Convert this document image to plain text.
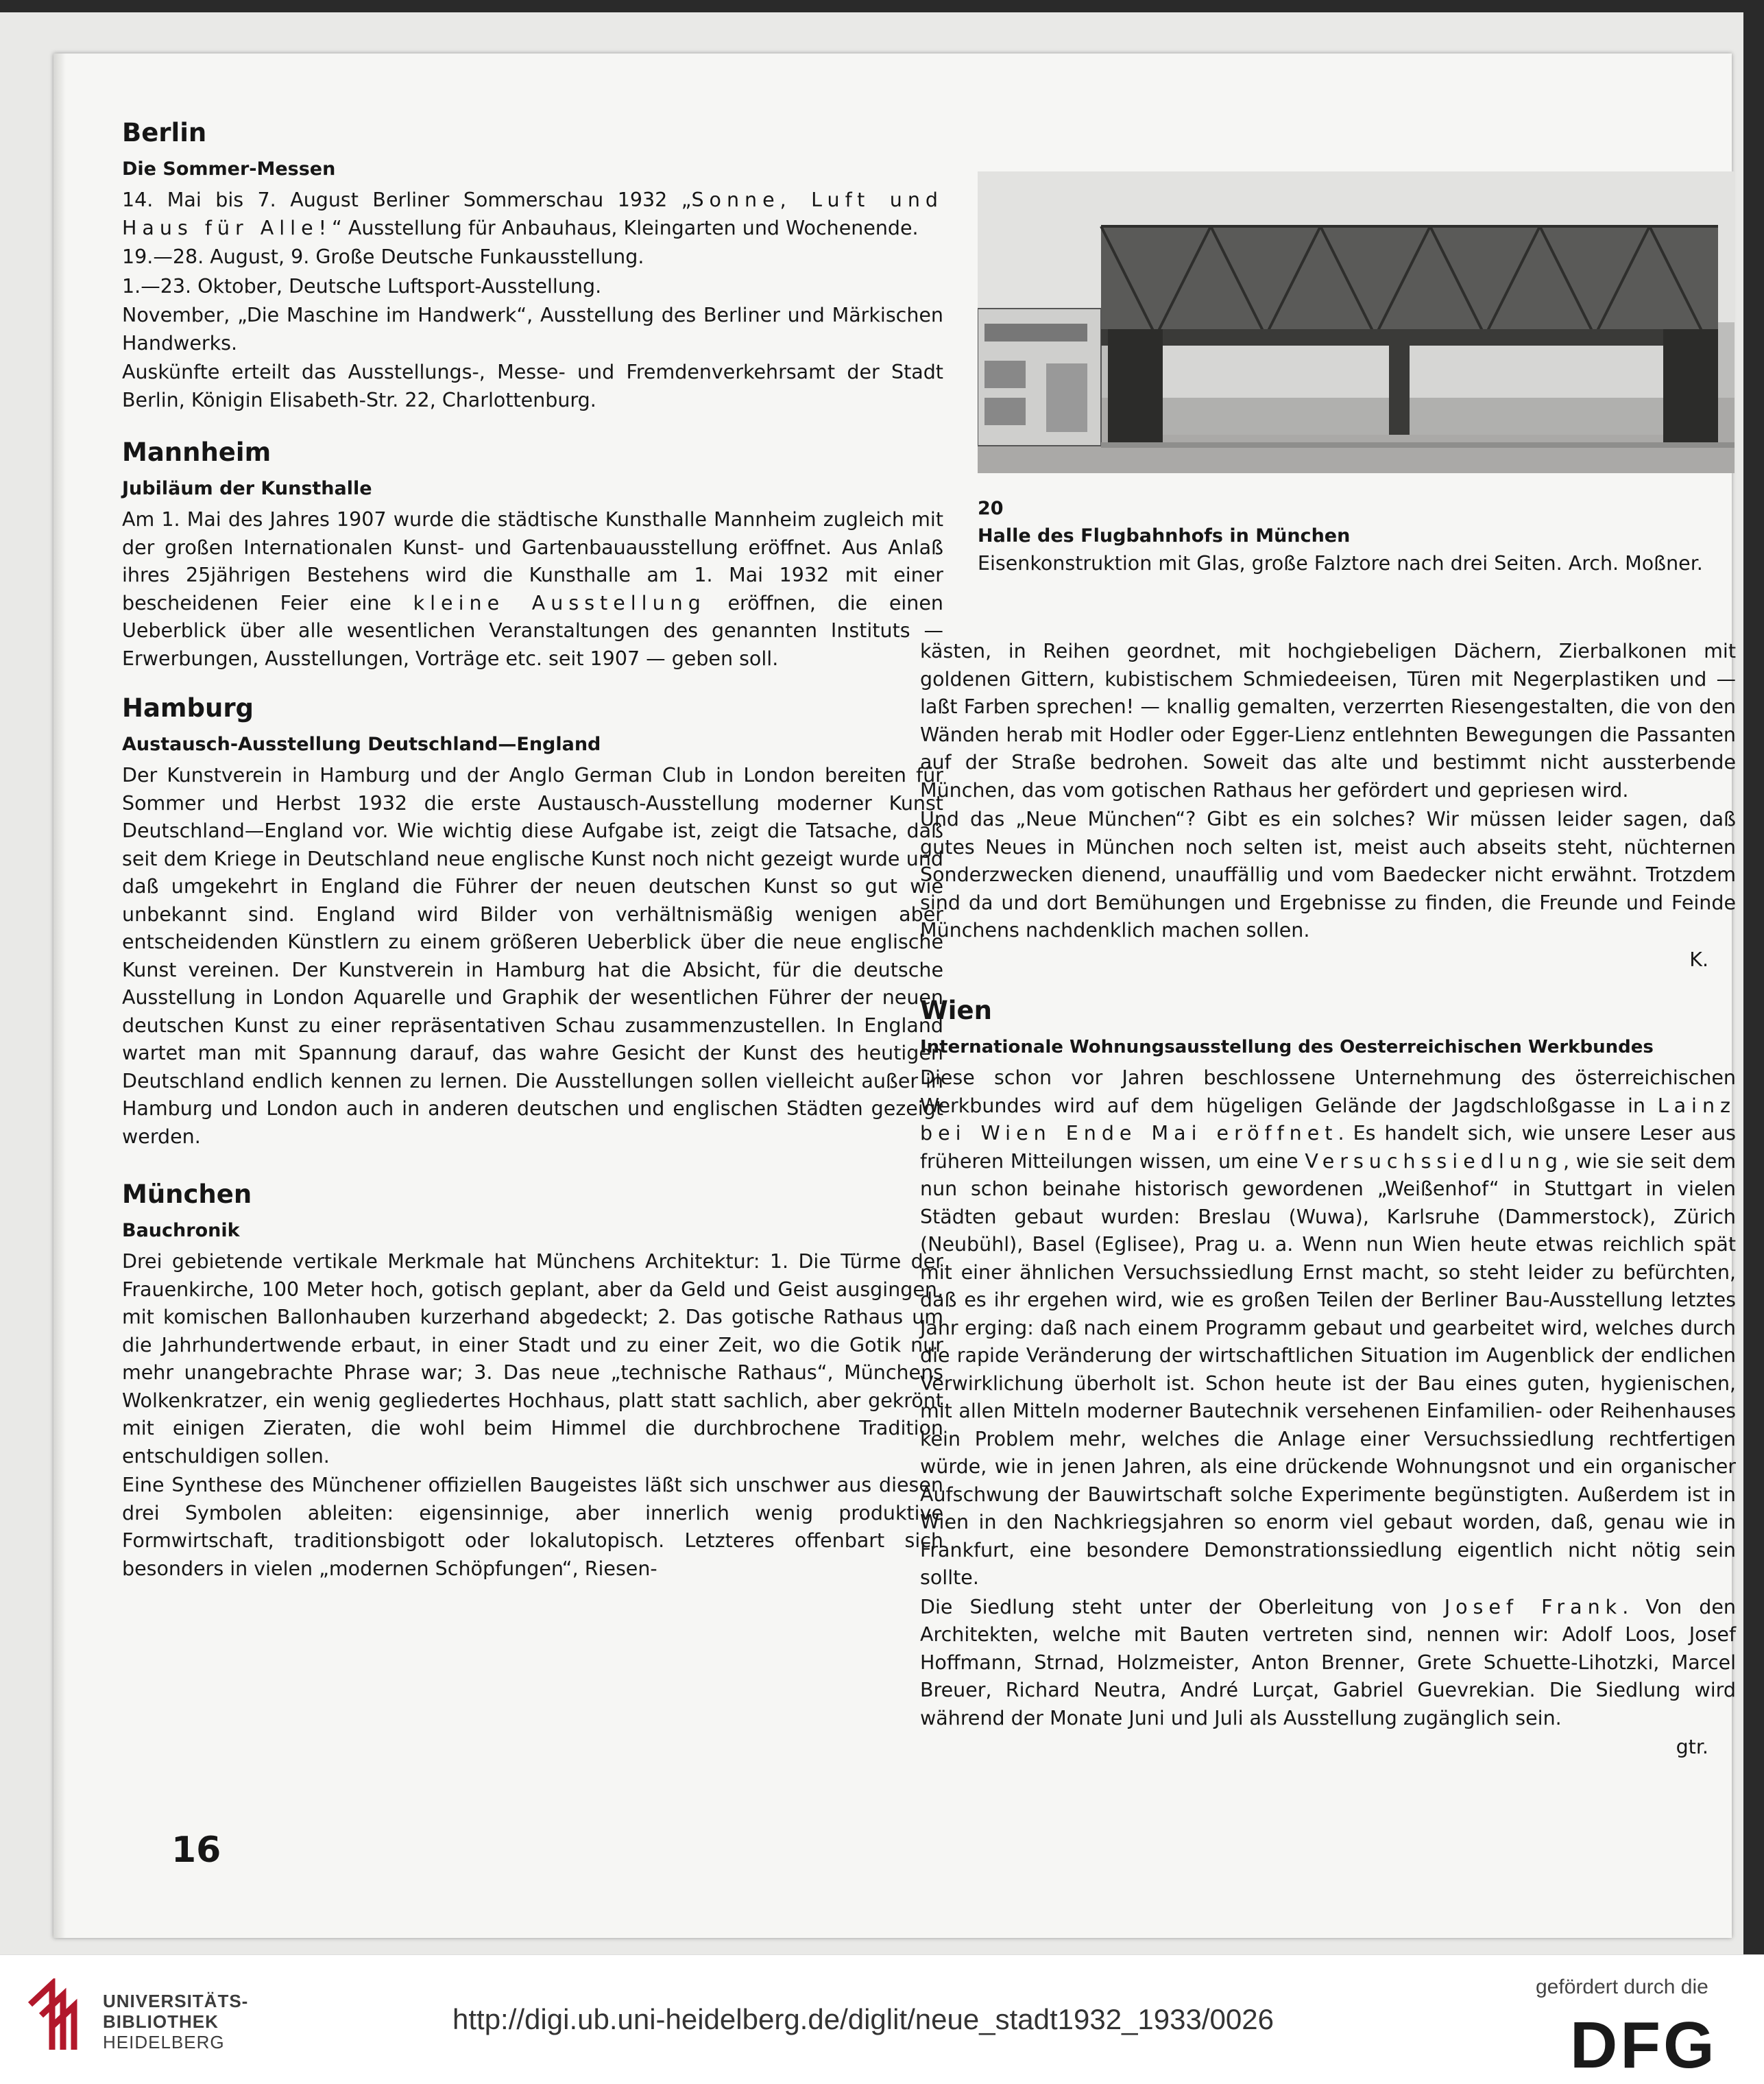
Berlin
Die Sommer-Messen
14. Mai bis 7. August Berliner Sommerschau 1932 „Sonne, Luft und Haus für Alle!“ Ausstellung für Anbauhaus, Kleingarten und Wochenende.
19.—28. August, 9. Große Deutsche Funkausstellung.
1.—23. Oktober, Deutsche Luftsport-Ausstellung.
November, „Die Maschine im Handwerk“, Ausstellung des Berliner und Märkischen Handwerks.
Auskünfte erteilt das Ausstellungs-, Messe- und Fremdenverkehrsamt der Stadt Berlin, Königin Elisabeth-Str. 22, Charlottenburg.
Mannheim
Jubiläum der Kunsthalle
Am 1. Mai des Jahres 1907 wurde die städtische Kunsthalle Mannheim zugleich mit der großen Internationalen Kunst- und Gartenbauausstellung eröffnet. Aus Anlaß ihres 25jährigen Bestehens wird die Kunsthalle am 1. Mai 1932 mit einer bescheidenen Feier eine kleine Ausstellung eröffnen, die einen Ueberblick über alle wesentlichen Veranstaltungen des genannten Instituts — Erwerbungen, Ausstellungen, Vorträge etc. seit 1907 — geben soll.
Hamburg
Austausch-Ausstellung Deutschland—England
Der Kunstverein in Hamburg und der Anglo German Club in London bereiten für Sommer und Herbst 1932 die erste Austausch-Ausstellung moderner Kunst Deutschland—England vor. Wie wichtig diese Aufgabe ist, zeigt die Tatsache, daß seit dem Kriege in Deutschland neue englische Kunst noch nicht gezeigt wurde und daß umgekehrt in England die Führer der neuen deutschen Kunst so gut wie unbekannt sind. England wird Bilder von verhältnismäßig wenigen aber entscheidenden Künstlern zu einem größeren Ueberblick über die neue englische Kunst vereinen. Der Kunstverein in Hamburg hat die Absicht, für die deutsche Ausstellung in London Aquarelle und Graphik der wesentlichen Führer der neuen deutschen Kunst zu einer repräsentativen Schau zusammenzustellen. In England wartet man mit Spannung darauf, das wahre Gesicht der Kunst des heutigen Deutschland endlich kennen zu lernen. Die Ausstellungen sollen vielleicht außer in Hamburg und London auch in anderen deutschen und englischen Städten gezeigt werden.
München
Bauchronik
Drei gebietende vertikale Merkmale hat Münchens Architektur: 1. Die Türme der Frauenkirche, 100 Meter hoch, gotisch geplant, aber da Geld und Geist ausgingen, mit komischen Ballonhauben kurzerhand abgedeckt; 2. Das gotische Rathaus um die Jahrhundertwende erbaut, in einer Stadt und zu einer Zeit, wo die Gotik nur mehr unangebrachte Phrase war; 3. Das neue „technische Rathaus“, Münchens Wolkenkratzer, ein wenig gegliedertes Hochhaus, platt statt sachlich, aber gekrönt mit einigen Zieraten, die wohl beim Himmel die durchbrochene Tradition entschuldigen sollen.
Eine Synthese des Münchener offiziellen Baugeistes läßt sich unschwer aus diesen drei Symbolen ableiten: eigensinnige, aber innerlich wenig produktive Formwirtschaft, traditionsbigott oder lokalutopisch. Letzteres offenbart sich besonders in vielen „modernen Schöpfungen“, Riesen-
20
Halle des Flugbahnhofs in München
Eisenkonstruktion mit Glas, große Falztore nach drei Seiten. Arch. Moßner.
kästen, in Reihen geordnet, mit hochgiebeligen Dächern, Zierbalkonen mit goldenen Gittern, kubistischem Schmiedeeisen, Türen mit Negerplastiken und — laßt Farben sprechen! — knallig gemalten, verzerrten Riesengestalten, die von den Wänden herab mit Hodler oder Egger-Lienz entlehnten Bewegungen die Passanten auf der Straße bedrohen. Soweit das alte und bestimmt nicht aussterbende München, das vom gotischen Rathaus her gefördert und gepriesen wird.
Und das „Neue München“? Gibt es ein solches? Wir müssen leider sagen, daß gutes Neues in München noch selten ist, meist auch abseits steht, nüchternen Sonderzwecken dienend, unauffällig und vom Baedecker nicht erwähnt. Trotzdem sind da und dort Bemühungen und Ergebnisse zu finden, die Freunde und Feinde Münchens nachdenklich machen sollen.
K.
Wien
Internationale Wohnungsausstellung des Oesterreichischen Werkbundes
Diese schon vor Jahren beschlossene Unternehmung des österreichischen Werkbundes wird auf dem hügeligen Gelände der Jagdschloßgasse in Lainz bei Wien Ende Mai eröffnet. Es handelt sich, wie unsere Leser aus früheren Mitteilungen wissen, um eine Versuchssiedlung, wie sie seit dem nun schon beinahe historisch gewordenen „Weißenhof“ in Stuttgart in vielen Städten gebaut wurden: Breslau (Wuwa), Karlsruhe (Dammerstock), Zürich (Neubühl), Basel (Eglisee), Prag u. a. Wenn nun Wien heute etwas reichlich spät mit einer ähnlichen Versuchssiedlung Ernst macht, so steht leider zu befürchten, daß es ihr ergehen wird, wie es großen Teilen der Berliner Bau-Ausstellung letztes Jahr erging: daß nach einem Programm gebaut und gearbeitet wird, welches durch die rapide Veränderung der wirtschaftlichen Situation im Augenblick der endlichen Verwirklichung überholt ist. Schon heute ist der Bau eines guten, hygienischen, mit allen Mitteln moderner Bautechnik versehenen Einfamilien- oder Reihenhauses kein Problem mehr, welches die Anlage einer Versuchssiedlung rechtfertigen würde, wie in jenen Jahren, als eine drückende Wohnungsnot und ein organischer Aufschwung der Bauwirtschaft solche Experimente begünstigten. Außerdem ist in Wien in den Nachkriegsjahren so enorm viel gebaut worden, daß, genau wie in Frankfurt, eine besondere Demonstrationssiedlung eigentlich nicht nötig sein sollte.
Die Siedlung steht unter der Oberleitung von Josef Frank. Von den Architekten, welche mit Bauten vertreten sind, nennen wir: Adolf Loos, Josef Hoffmann, Strnad, Holzmeister, Anton Brenner, Grete Schuette-Lihotzki, Marcel Breuer, Richard Neutra, André Lurçat, Gabriel Guevrekian. Die Siedlung wird während der Monate Juni und Juli als Ausstellung zugänglich sein.
gtr.
16
UNIVERSITÄTS-
BIBLIOTHEK
HEIDELBERG
http://digi.ub.uni-heidelberg.de/diglit/neue_stadt1932_1933/0026
gefördert durch die
DFG
